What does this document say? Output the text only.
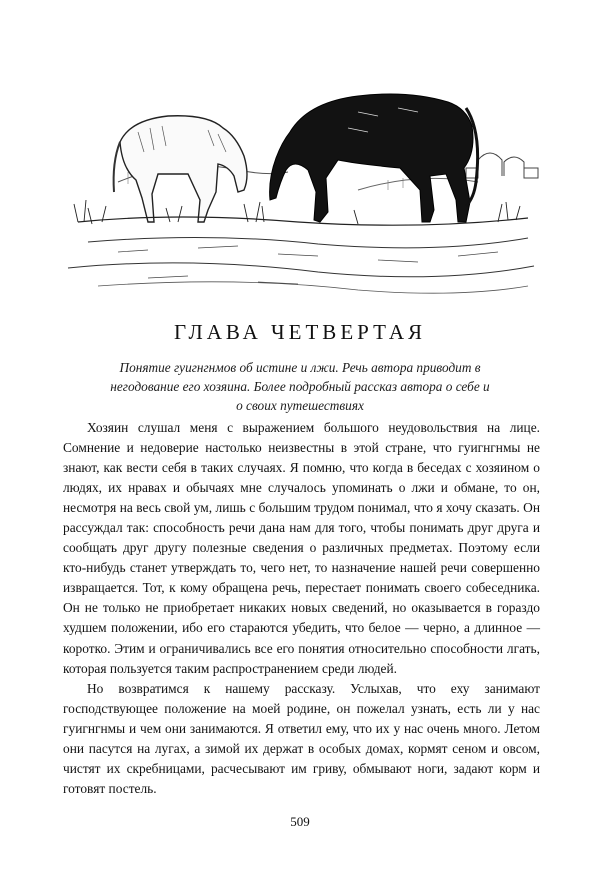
ГЛАВА ЧЕТВЕРТАЯ
Понятие гуигнгнмов об истине и лжи. Речь автора приводит в негодование его хозяина. Более подробный рассказ автора о себе и о своих путешествиях

Хозяин слушал меня с выражением большого неудовольствия на лице. Сомнение и недоверие настолько неизвестны в этой стране, что гуигнгнмы не знают, как вести себя в таких случаях. Я помню, что когда в беседах с хозяином о людях, их нравах и обычаях мне случалось упоминать о лжи и обмане, то он, несмотря на весь свой ум, лишь с большим трудом понимал, что я хочу сказать. Он рассуждал так: способность речи дана нам для того, чтобы понимать друг друга и сообщать друг другу полезные сведения о различных предметах. Поэтому если кто-нибудь станет утверждать то, чего нет, то назначение нашей речи совершенно извращается. Тот, к кому обращена речь, перестает понимать своего собеседника. Он не только не приобретает никаких новых сведений, но оказывается в гораздо худшем положении, ибо его стараются убедить, что белое — черно, а длинное — коротко. Этим и ограничивались все его понятия относительно способности лгать, которая пользуется таким распространением среди людей.

Но возвратимся к нашему рассказу. Услыхав, что еху занимают господствующее положение на моей родине, он пожелал узнать, есть ли у нас гуигнгнмы и чем они занимаются. Я ответил ему, что их у нас очень много. Летом они пасутся на лугах, а зимой их держат в особых домах, кормят сеном и овсом, чистят их скребницами, расчесывают им гриву, обмывают ноги, задают корм и готовят постель.

509
